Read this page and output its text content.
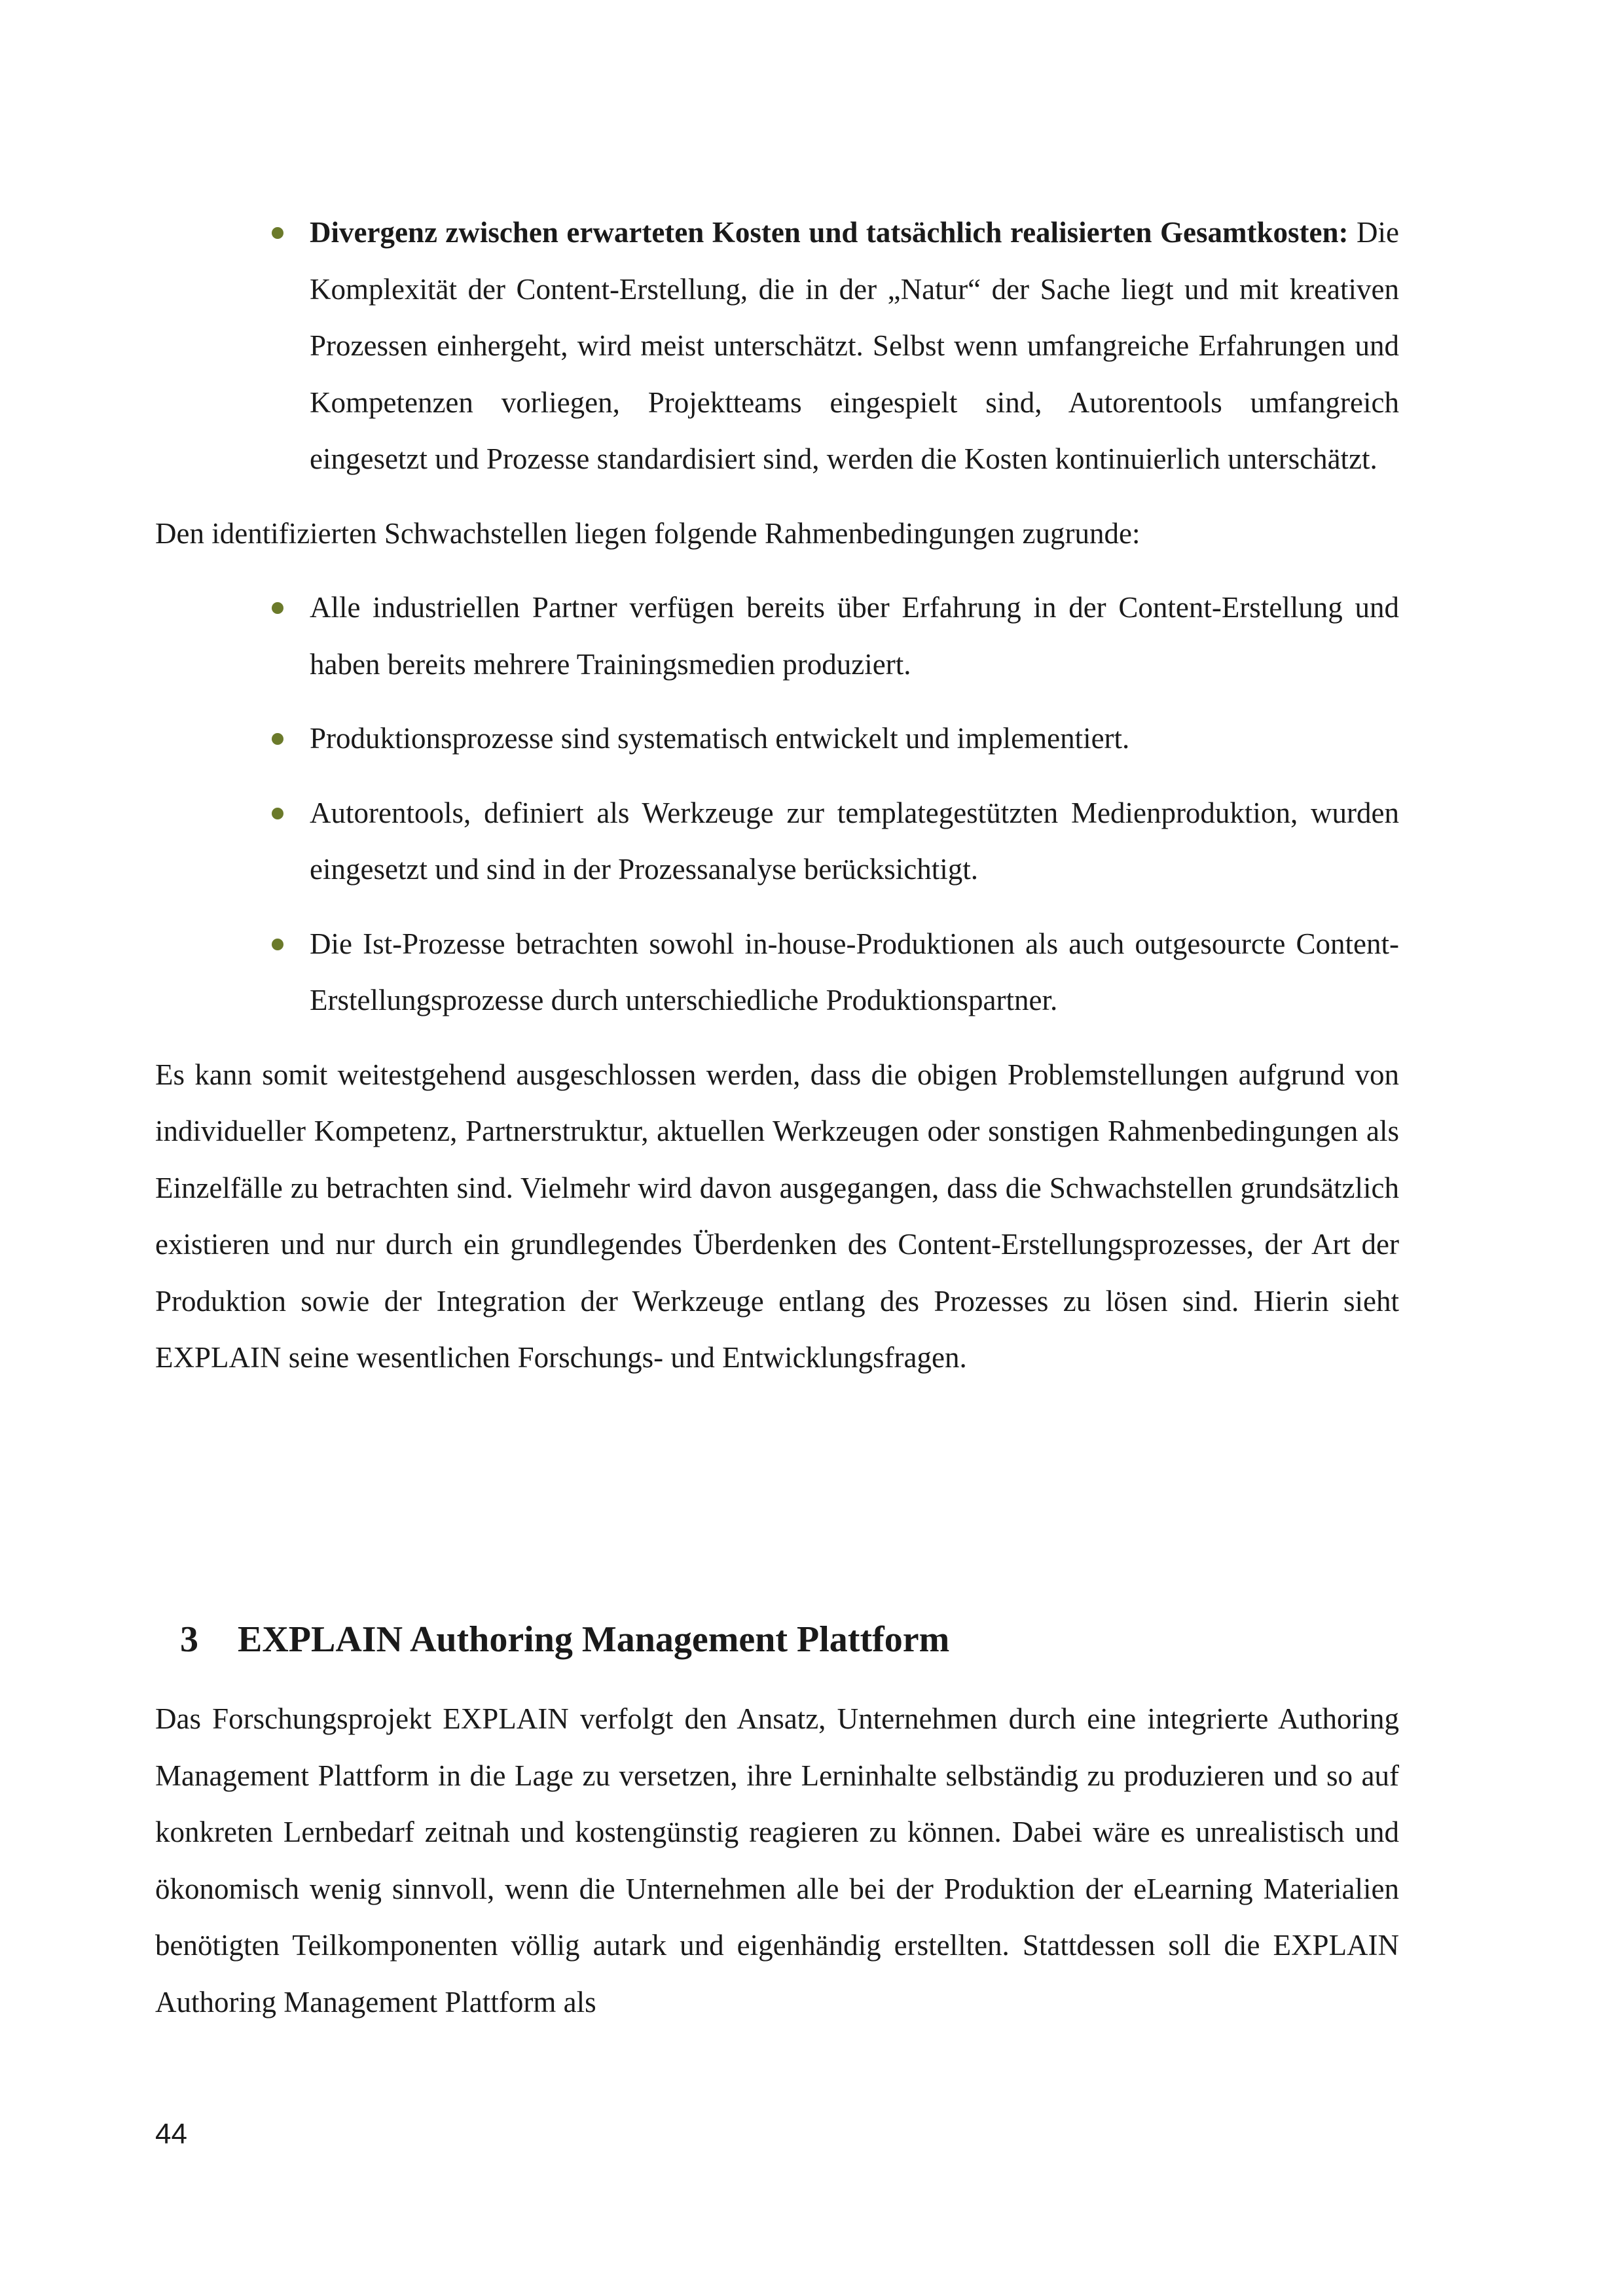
Divergenz zwischen erwarteten Kosten und tatsächlich realisierten Gesamtkosten: Die Komplexität der Content-Erstellung, die in der „Natur“ der Sache liegt und mit kreativen Prozessen einhergeht, wird meist unterschätzt. Selbst wenn umfangreiche Erfahrungen und Kompetenzen vorliegen, Projektteams eingespielt sind, Autorentools umfangreich eingesetzt und Prozesse standardisiert sind, werden die Kosten kontinuierlich unterschätzt.

Den identifizierten Schwachstellen liegen folgende Rahmenbedingungen zugrunde:

Alle industriellen Partner verfügen bereits über Erfahrung in der Content-Erstellung und haben bereits mehrere Trainingsmedien produziert.
Produktionsprozesse sind systematisch entwickelt und implementiert.
Autorentools, definiert als Werkzeuge zur templategestützten Medienproduktion, wurden eingesetzt und sind in der Prozessanalyse berücksichtigt.
Die Ist-Prozesse betrachten sowohl in-house-Produktionen als auch outgesourcte Content-Erstellungsprozesse durch unterschiedliche Produktionspartner.

Es kann somit weitestgehend ausgeschlossen werden, dass die obigen Problemstellungen aufgrund von individueller Kompetenz, Partnerstruktur, aktuellen Werkzeugen oder sonstigen Rahmenbedingungen als Einzelfälle zu betrachten sind. Vielmehr wird davon ausgegangen, dass die Schwachstellen grundsätzlich existieren und nur durch ein grundlegendes Überdenken des Content-Erstellungsprozesses, der Art der Produktion sowie der Integration der Werkzeuge entlang des Prozesses zu lösen sind. Hierin sieht EXPLAIN seine wesentlichen Forschungs- und Entwicklungsfragen.

3 EXPLAIN Authoring Management Plattform

Das Forschungsprojekt EXPLAIN verfolgt den Ansatz, Unternehmen durch eine integrierte Authoring Management Plattform in die Lage zu versetzen, ihre Lerninhalte selbständig zu produzieren und so auf konkreten Lernbedarf zeitnah und kostengünstig reagieren zu können. Dabei wäre es unrealistisch und ökonomisch wenig sinnvoll, wenn die Unternehmen alle bei der Produktion der eLearning Materialien benötigten Teilkomponenten völlig autark und eigenhändig erstellten. Stattdessen soll die EXPLAIN Authoring Management Plattform als

44
